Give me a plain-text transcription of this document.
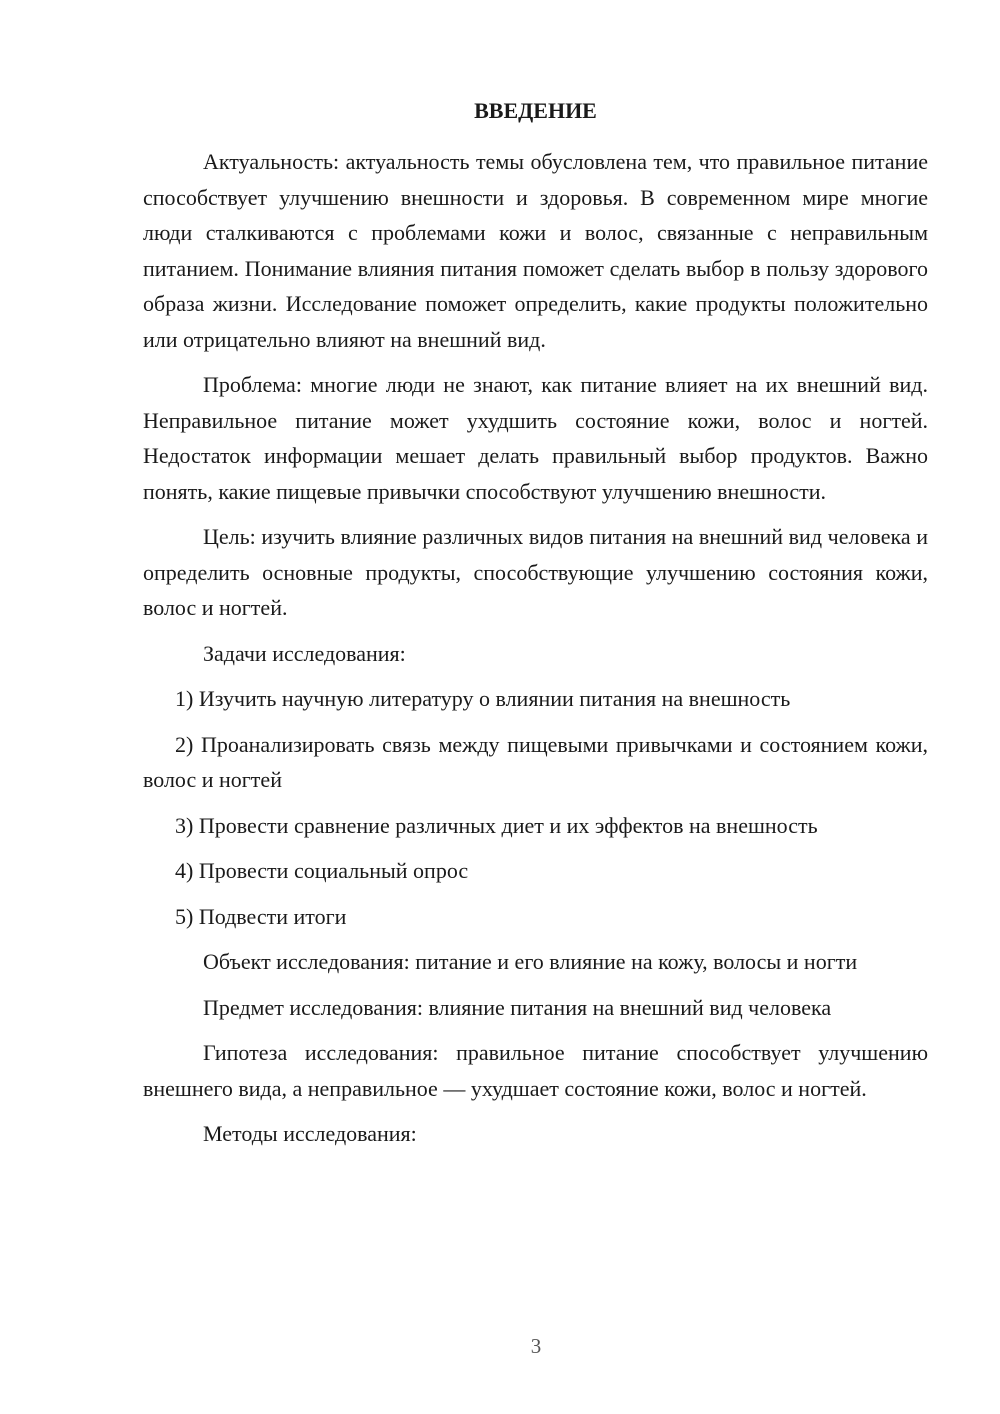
ВВЕДЕНИЕ

Актуальность: актуальность темы обусловлена тем, что правильное питание способствует улучшению внешности и здоровья. В современном мире многие люди сталкиваются с проблемами кожи и волос, связанные с неправильным питанием. Понимание влияния питания поможет сделать выбор в пользу здорового образа жизни. Исследование поможет определить, какие продукты положительно или отрицательно влияют на внешний вид.

Проблема: многие люди не знают, как питание влияет на их внешний вид. Неправильное питание может ухудшить состояние кожи, волос и ногтей. Недостаток информации мешает делать правильный выбор продуктов. Важно понять, какие пищевые привычки способствуют улучшению внешности.

Цель: изучить влияние различных видов питания на внешний вид человека и определить основные продукты, способствующие улучшению состояния кожи, волос и ногтей.

Задачи исследования:

1) Изучить научную литературу о влиянии питания на внешность

2) Проанализировать связь между пищевыми привычками и состоянием кожи, волос и ногтей

3) Провести сравнение различных диет и их эффектов на внешность

4) Провести социальный опрос

5) Подвести итоги

Объект исследования: питание и его влияние на кожу, волосы и ногти

Предмет исследования: влияние питания на внешний вид человека

Гипотеза исследования: правильное питание способствует улучшению внешнего вида, а неправильное — ухудшает состояние кожи, волос и ногтей.

Методы исследования:

3
